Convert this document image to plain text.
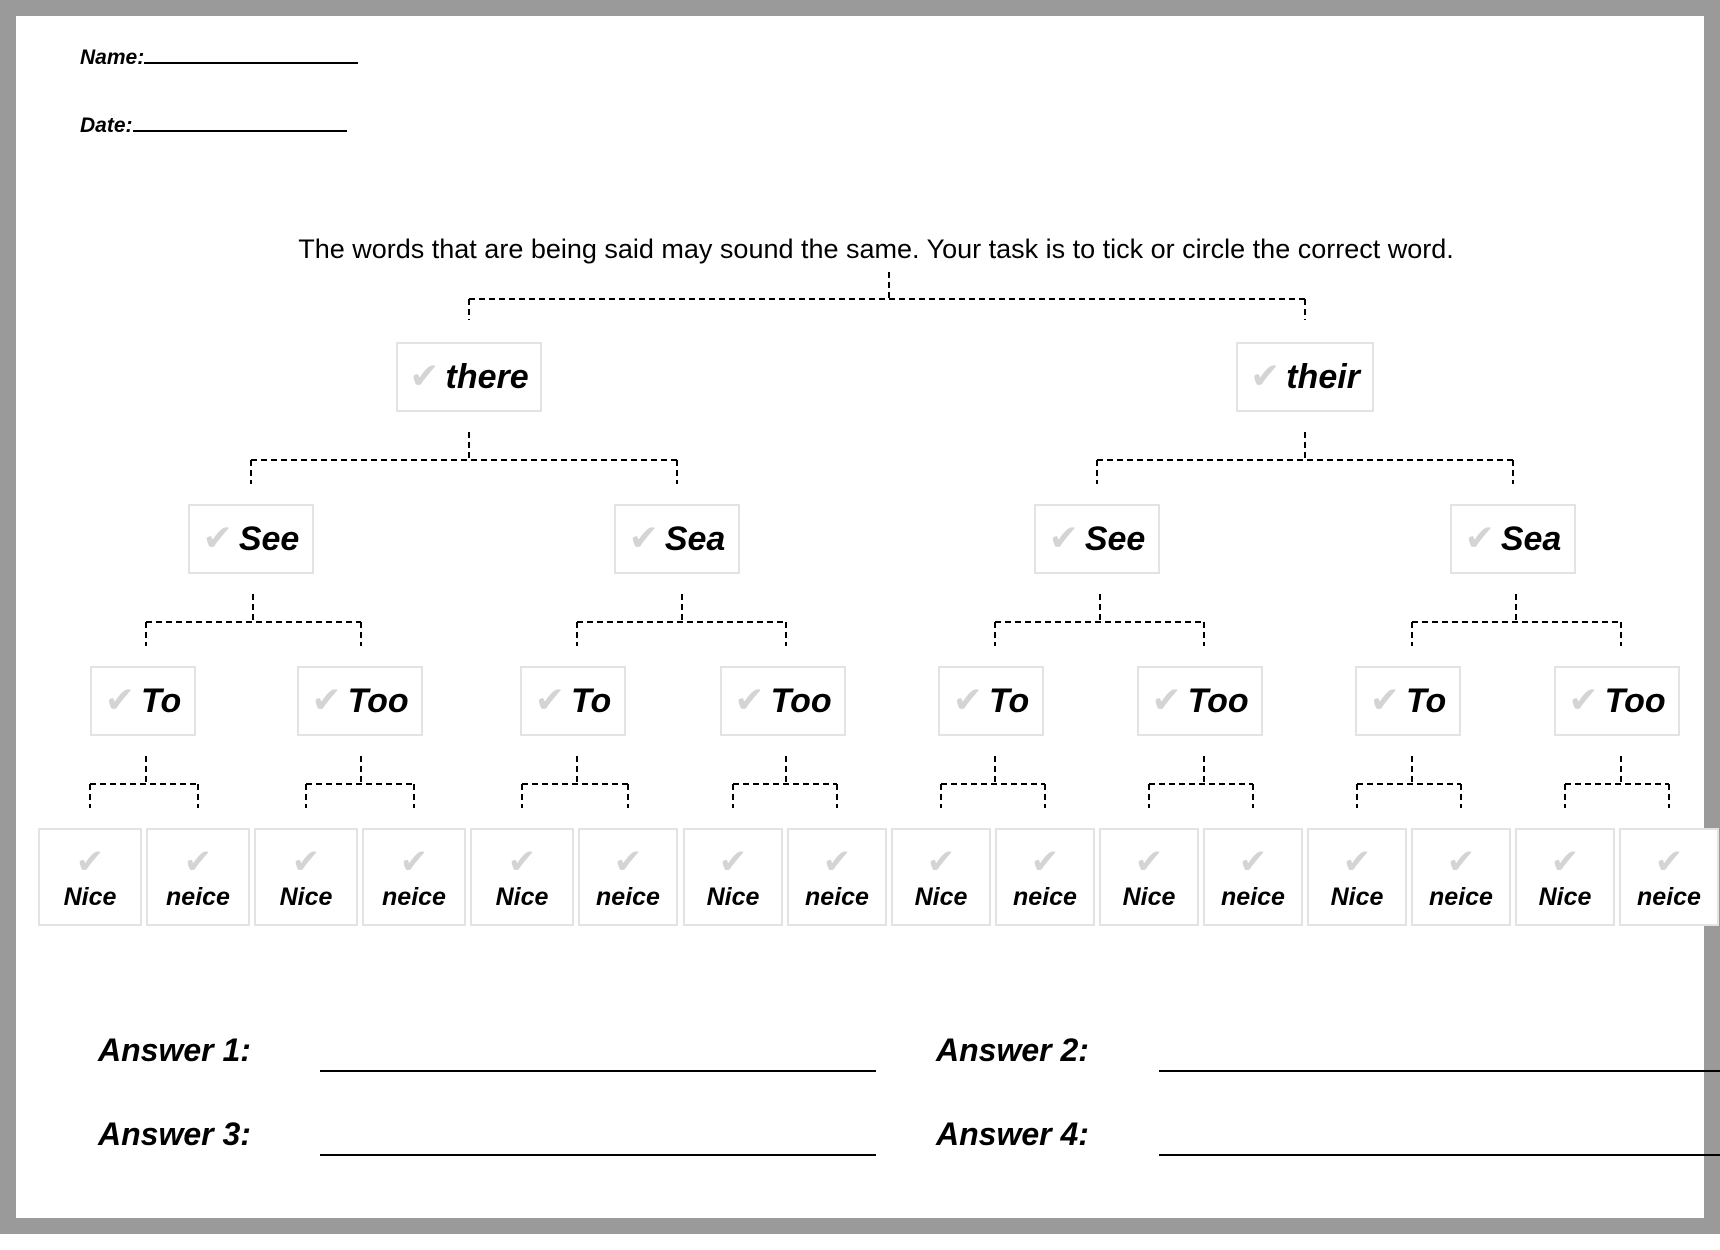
Name:
Date:
The words that are being said may sound the same. Your task is to tick or circle the correct word.
✔ there	✔ their
✔ See	✔ Sea	✔ See	✔ Sea
✔ To	✔ Too	✔ To	✔ Too	✔ To	✔ Too	✔ To	✔ Too
✔
Nice
✔
neice
✔
Nice
✔
neice
✔
Nice
✔
neice
✔
Nice
✔
neice
✔
Nice
✔
neice
✔
Nice
✔
neice
✔
Nice
✔
neice
✔
Nice
✔
neice
Answer 1:	Answer 2:
Answer 3:	Answer 4:
